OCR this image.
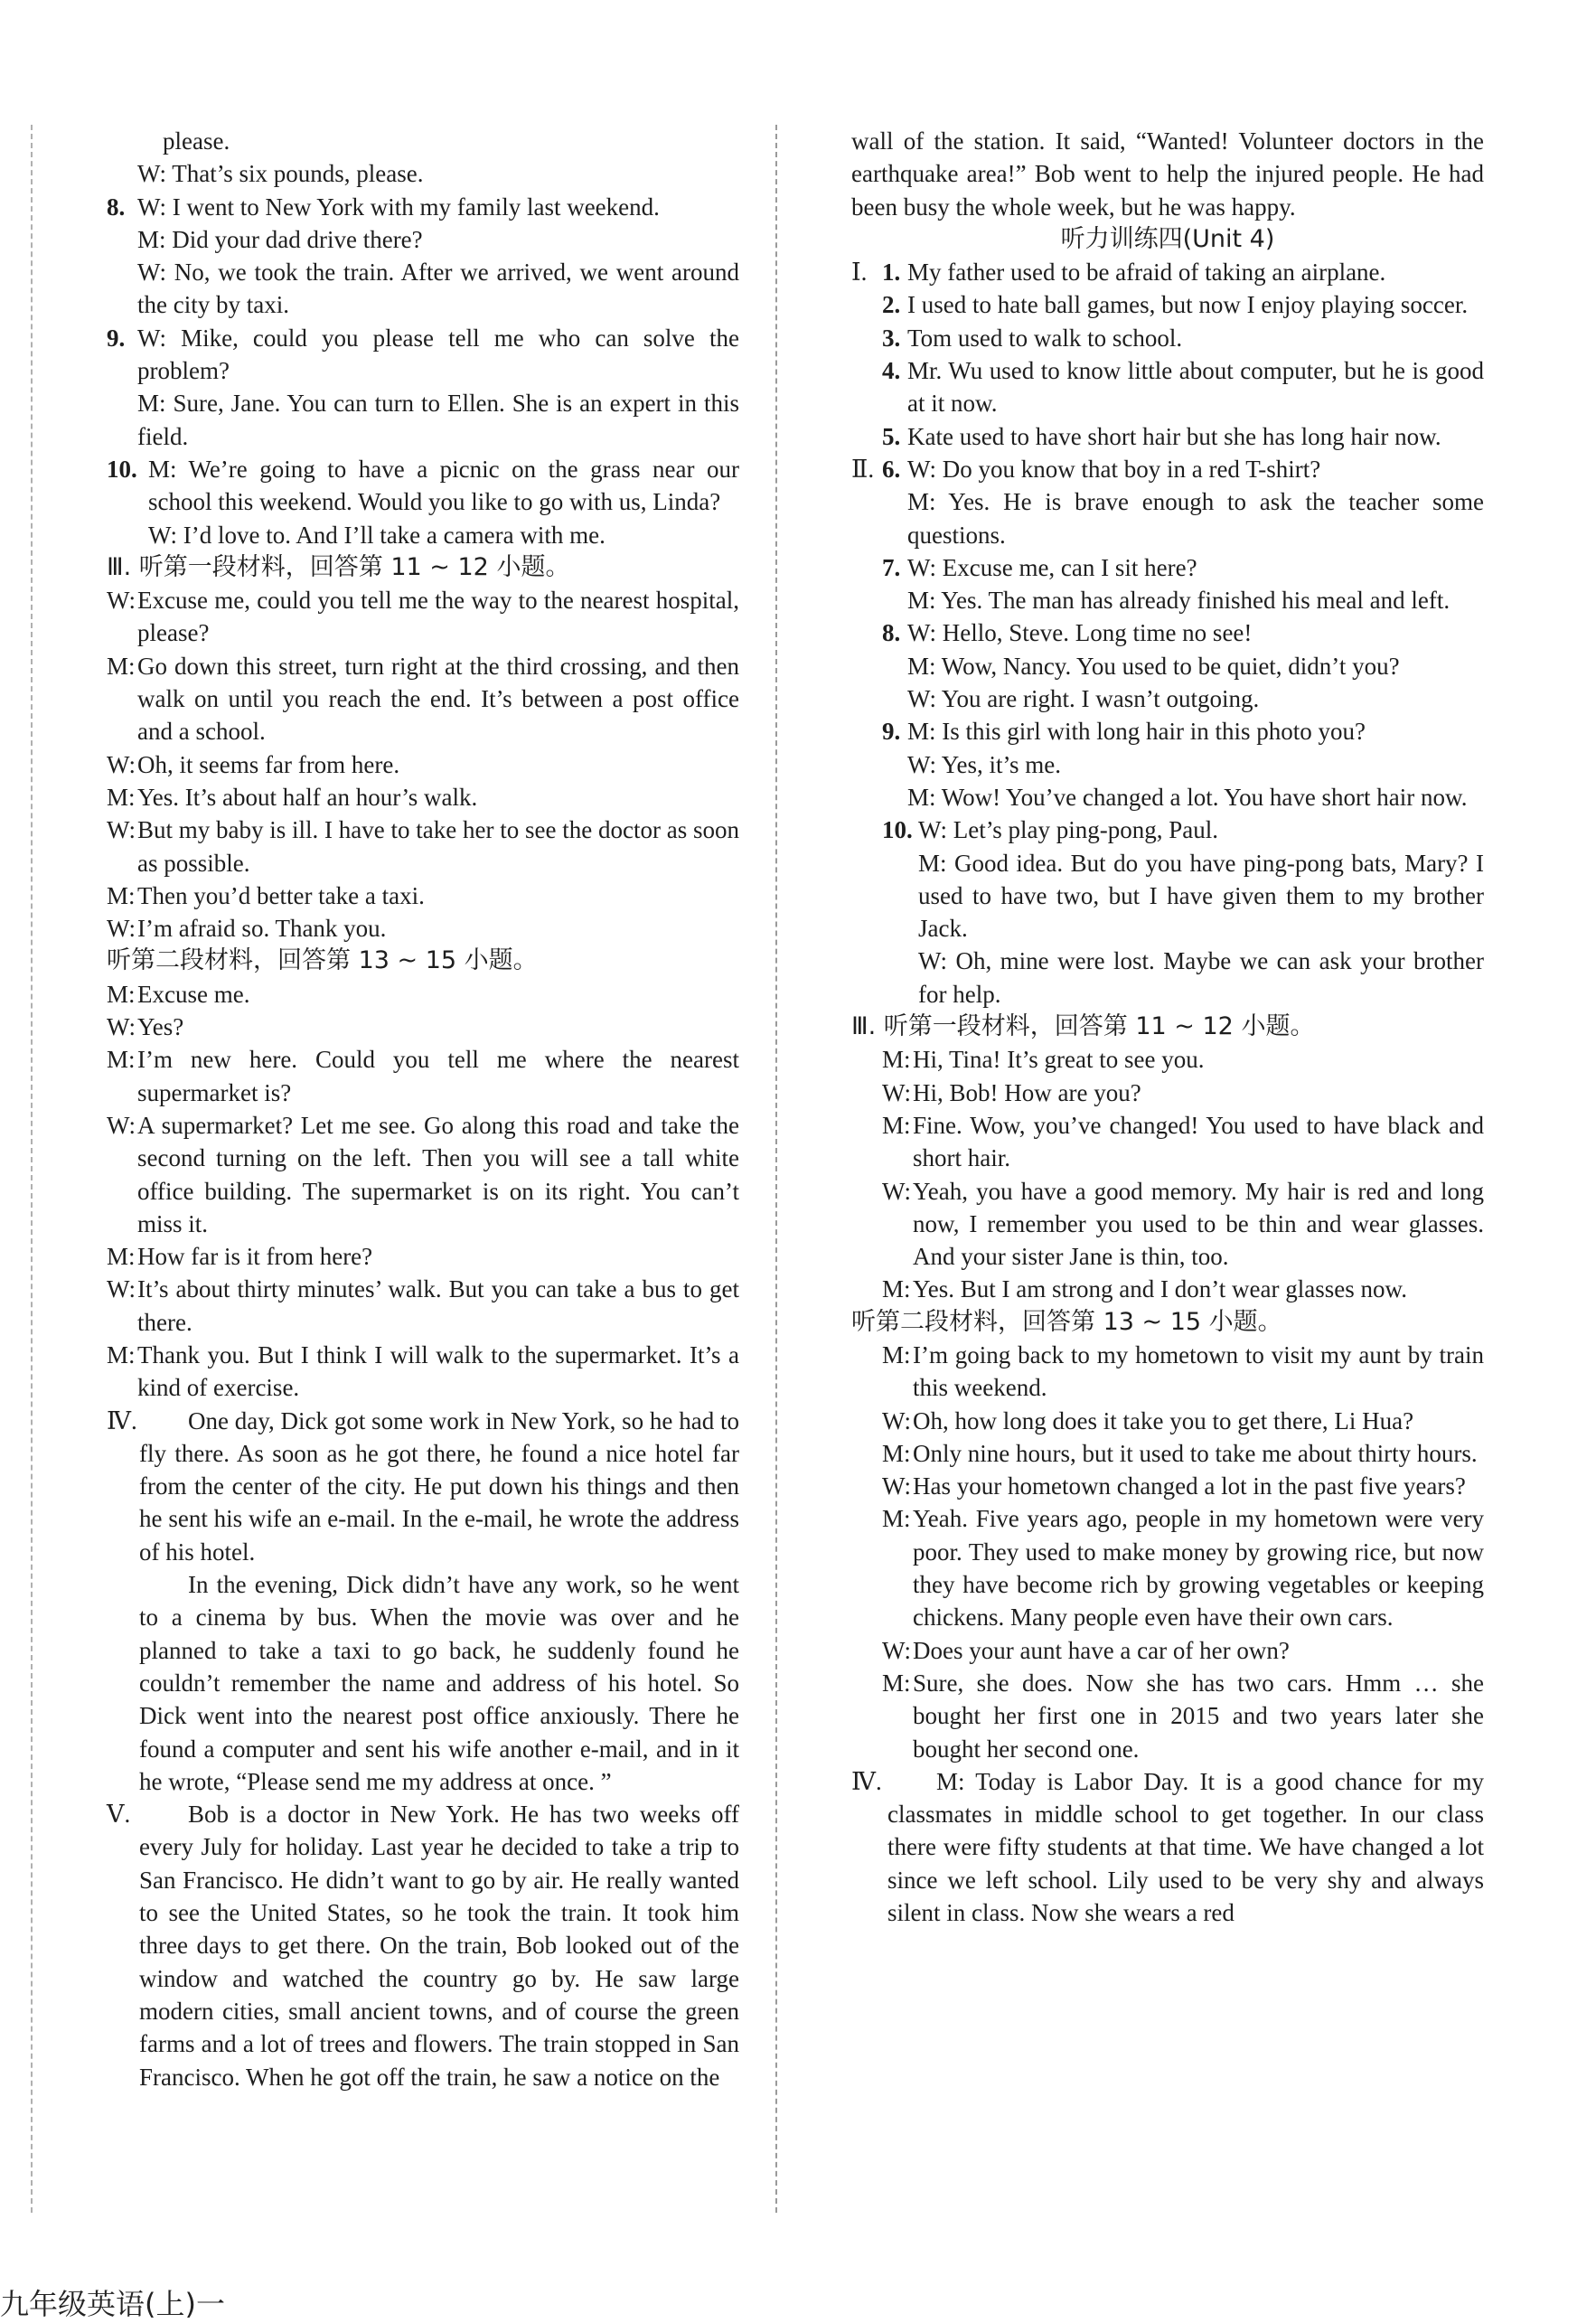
please.
W: That’s six pounds, please.
8. W: I went to New York with my family last weekend.
M: Did your dad drive there?
W: No, we took the train. After we arrived, we went around the city by taxi.
9. W: Mike, could you please tell me who can solve the problem?
M: Sure, Jane. You can turn to Ellen. She is an expert in this field.
10. M: We’re going to have a picnic on the grass near our school this weekend. Would you like to go with us, Linda?
W: I’d love to. And I’ll take a camera with me.
Ⅲ. 听第一段材料，回答第 11 ~ 12 小题。
W: Excuse me, could you tell me the way to the nearest hospital, please?
M: Go down this street, turn right at the third crossing, and then walk on until you reach the end. It’s between a post office and a school.
W: Oh, it seems far from here.
M: Yes. It’s about half an hour’s walk.
W: But my baby is ill. I have to take her to see the doctor as soon as possible.
M: Then you’d better take a taxi.
W: I’m afraid so. Thank you.
听第二段材料，回答第 13 ~ 15 小题。
M: Excuse me.
W: Yes?
M: I’m new here. Could you tell me where the nearest supermarket is?
W: A supermarket? Let me see. Go along this road and take the second turning on the left. Then you will see a tall white office building. The supermarket is on its right. You can’t miss it.
M: How far is it from here?
W: It’s about thirty minutes’ walk. But you can take a bus to get there.
M: Thank you. But I think I will walk to the supermarket. It’s a kind of exercise.
Ⅳ.	One day, Dick got some work in New York, so he had to fly there. As soon as he got there, he found a nice hotel far from the center of the city. He put down his things and then he sent his wife an e-mail. In the e-mail, he wrote the address of his hotel.
In the evening, Dick didn’t have any work, so he went to a cinema by bus. When the movie was over and he planned to take a taxi to go back, he suddenly found he couldn’t remember the name and address of his hotel. So Dick went into the nearest post office anxiously. There he found a computer and sent his wife another e-mail, and in it he wrote, “Please send me my address at once. ”
Ⅴ.	Bob is a doctor in New York. He has two weeks off every July for holiday. Last year he decided to take a trip to San Francisco. He didn’t want to go by air. He really wanted to see the United States, so he took the train. It took him three days to get there. On the train, Bob looked out of the window and watched the country go by. He saw large modern cities, small ancient towns, and of course the green farms and a lot of trees and flowers. The train stopped in San Francisco. When he got off the train, he saw a notice on the
wall of the station. It said, “Wanted! Volunteer doctors in the earthquake area!” Bob went to help the injured people. He had been busy the whole week, but he was happy.
听力训练四(Unit 4)
Ⅰ. 1. My father used to be afraid of taking an airplane.
2. I used to hate ball games, but now I enjoy playing soccer.
3. Tom used to walk to school.
4. Mr. Wu used to know little about computer, but he is good at it now.
5. Kate used to have short hair but she has long hair now.
Ⅱ. 6. W: Do you know that boy in a red T-shirt?
M: Yes. He is brave enough to ask the teacher some questions.
7. W: Excuse me, can I sit here?
M: Yes. The man has already finished his meal and left.
8. W: Hello, Steve. Long time no see!
M: Wow, Nancy. You used to be quiet, didn’t you?
W: You are right. I wasn’t outgoing.
9. M: Is this girl with long hair in this photo you?
W: Yes, it’s me.
M: Wow! You’ve changed a lot. You have short hair now.
10. W: Let’s play ping-pong, Paul.
M: Good idea. But do you have ping-pong bats, Mary? I used to have two, but I have given them to my brother Jack.
W: Oh, mine were lost. Maybe we can ask your brother for help.
Ⅲ. 听第一段材料，回答第 11 ~ 12 小题。
M: Hi, Tina! It’s great to see you.
W: Hi, Bob! How are you?
M: Fine. Wow, you’ve changed! You used to have black and short hair.
W: Yeah, you have a good memory. My hair is red and long now, I remember you used to be thin and wear glasses. And your sister Jane is thin, too.
M: Yes. But I am strong and I don’t wear glasses now.
听第二段材料，回答第 13 ~ 15 小题。
M: I’m going back to my hometown to visit my aunt by train this weekend.
W: Oh, how long does it take you to get there, Li Hua?
M: Only nine hours, but it used to take me about thirty hours.
W: Has your hometown changed a lot in the past five years?
M: Yeah. Five years ago, people in my hometown were very poor. They used to make money by growing rice, but now they have become rich by growing vegetables or keeping chickens. Many people even have their own cars.
W: Does your aunt have a car of her own?
M: Sure, she does. Now she has two cars. Hmm … she bought her first one in 2015 and two years later she bought her second one.
Ⅳ.	M: Today is Labor Day. It is a good chance for my classmates in middle school to get together. In our class there were fifty students at that time. We have changed a lot since we left school. Lily used to be very shy and always silent in class. Now she wears a red
九年级英语(上)一
